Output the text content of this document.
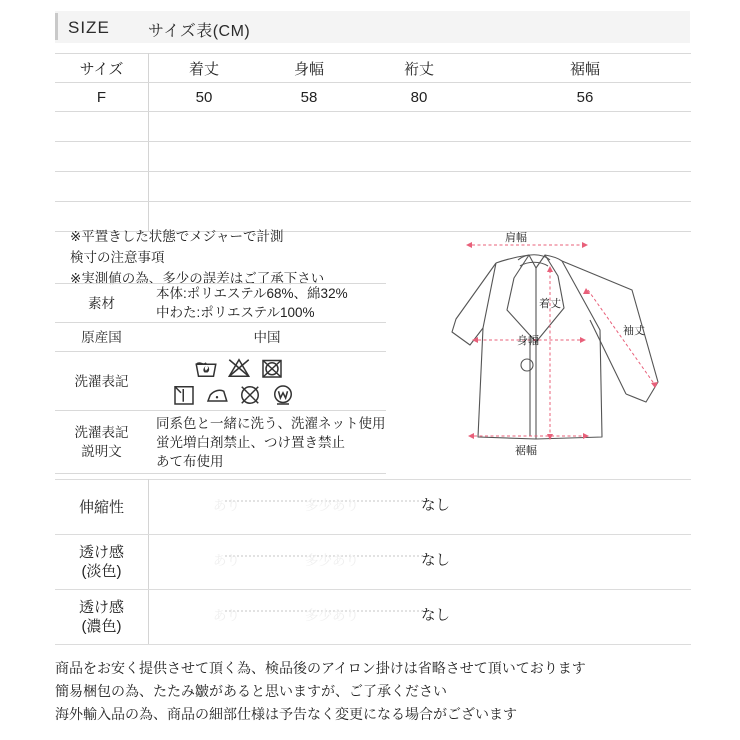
SIZE サイズ表(CM)
サイズ	着丈	身幅	裄丈	裾幅
F	50	58	80	56

※平置きした状態でメジャーで計測
検寸の注意事項
※実測値の為、多少の誤差はご了承下さい
素材	本体:ポリエステル68%、綿32%
中わた:ポリエステル100%
原産国	中国
洗濯表記	

洗濯表記
説明文	同系色と一緒に洗う、洗濯ネット使用
蛍光増白剤禁止、つけ置き禁止
あて布使用
肩幅
着丈
身幅
袖丈
裾幅
伸縮性	あり 多少あり なし

透け感
(淡色)	
あり	多少あり	なし

透け感
(濃色)	
あり	多少あり	なし
商品をお安く提供させて頂く為、検品後のアイロン掛けは省略させて頂いております
簡易梱包の為、たたみ皺があると思いますが、ご了承ください
海外輸入品の為、商品の細部仕様は予告なく変更になる場合がございます
